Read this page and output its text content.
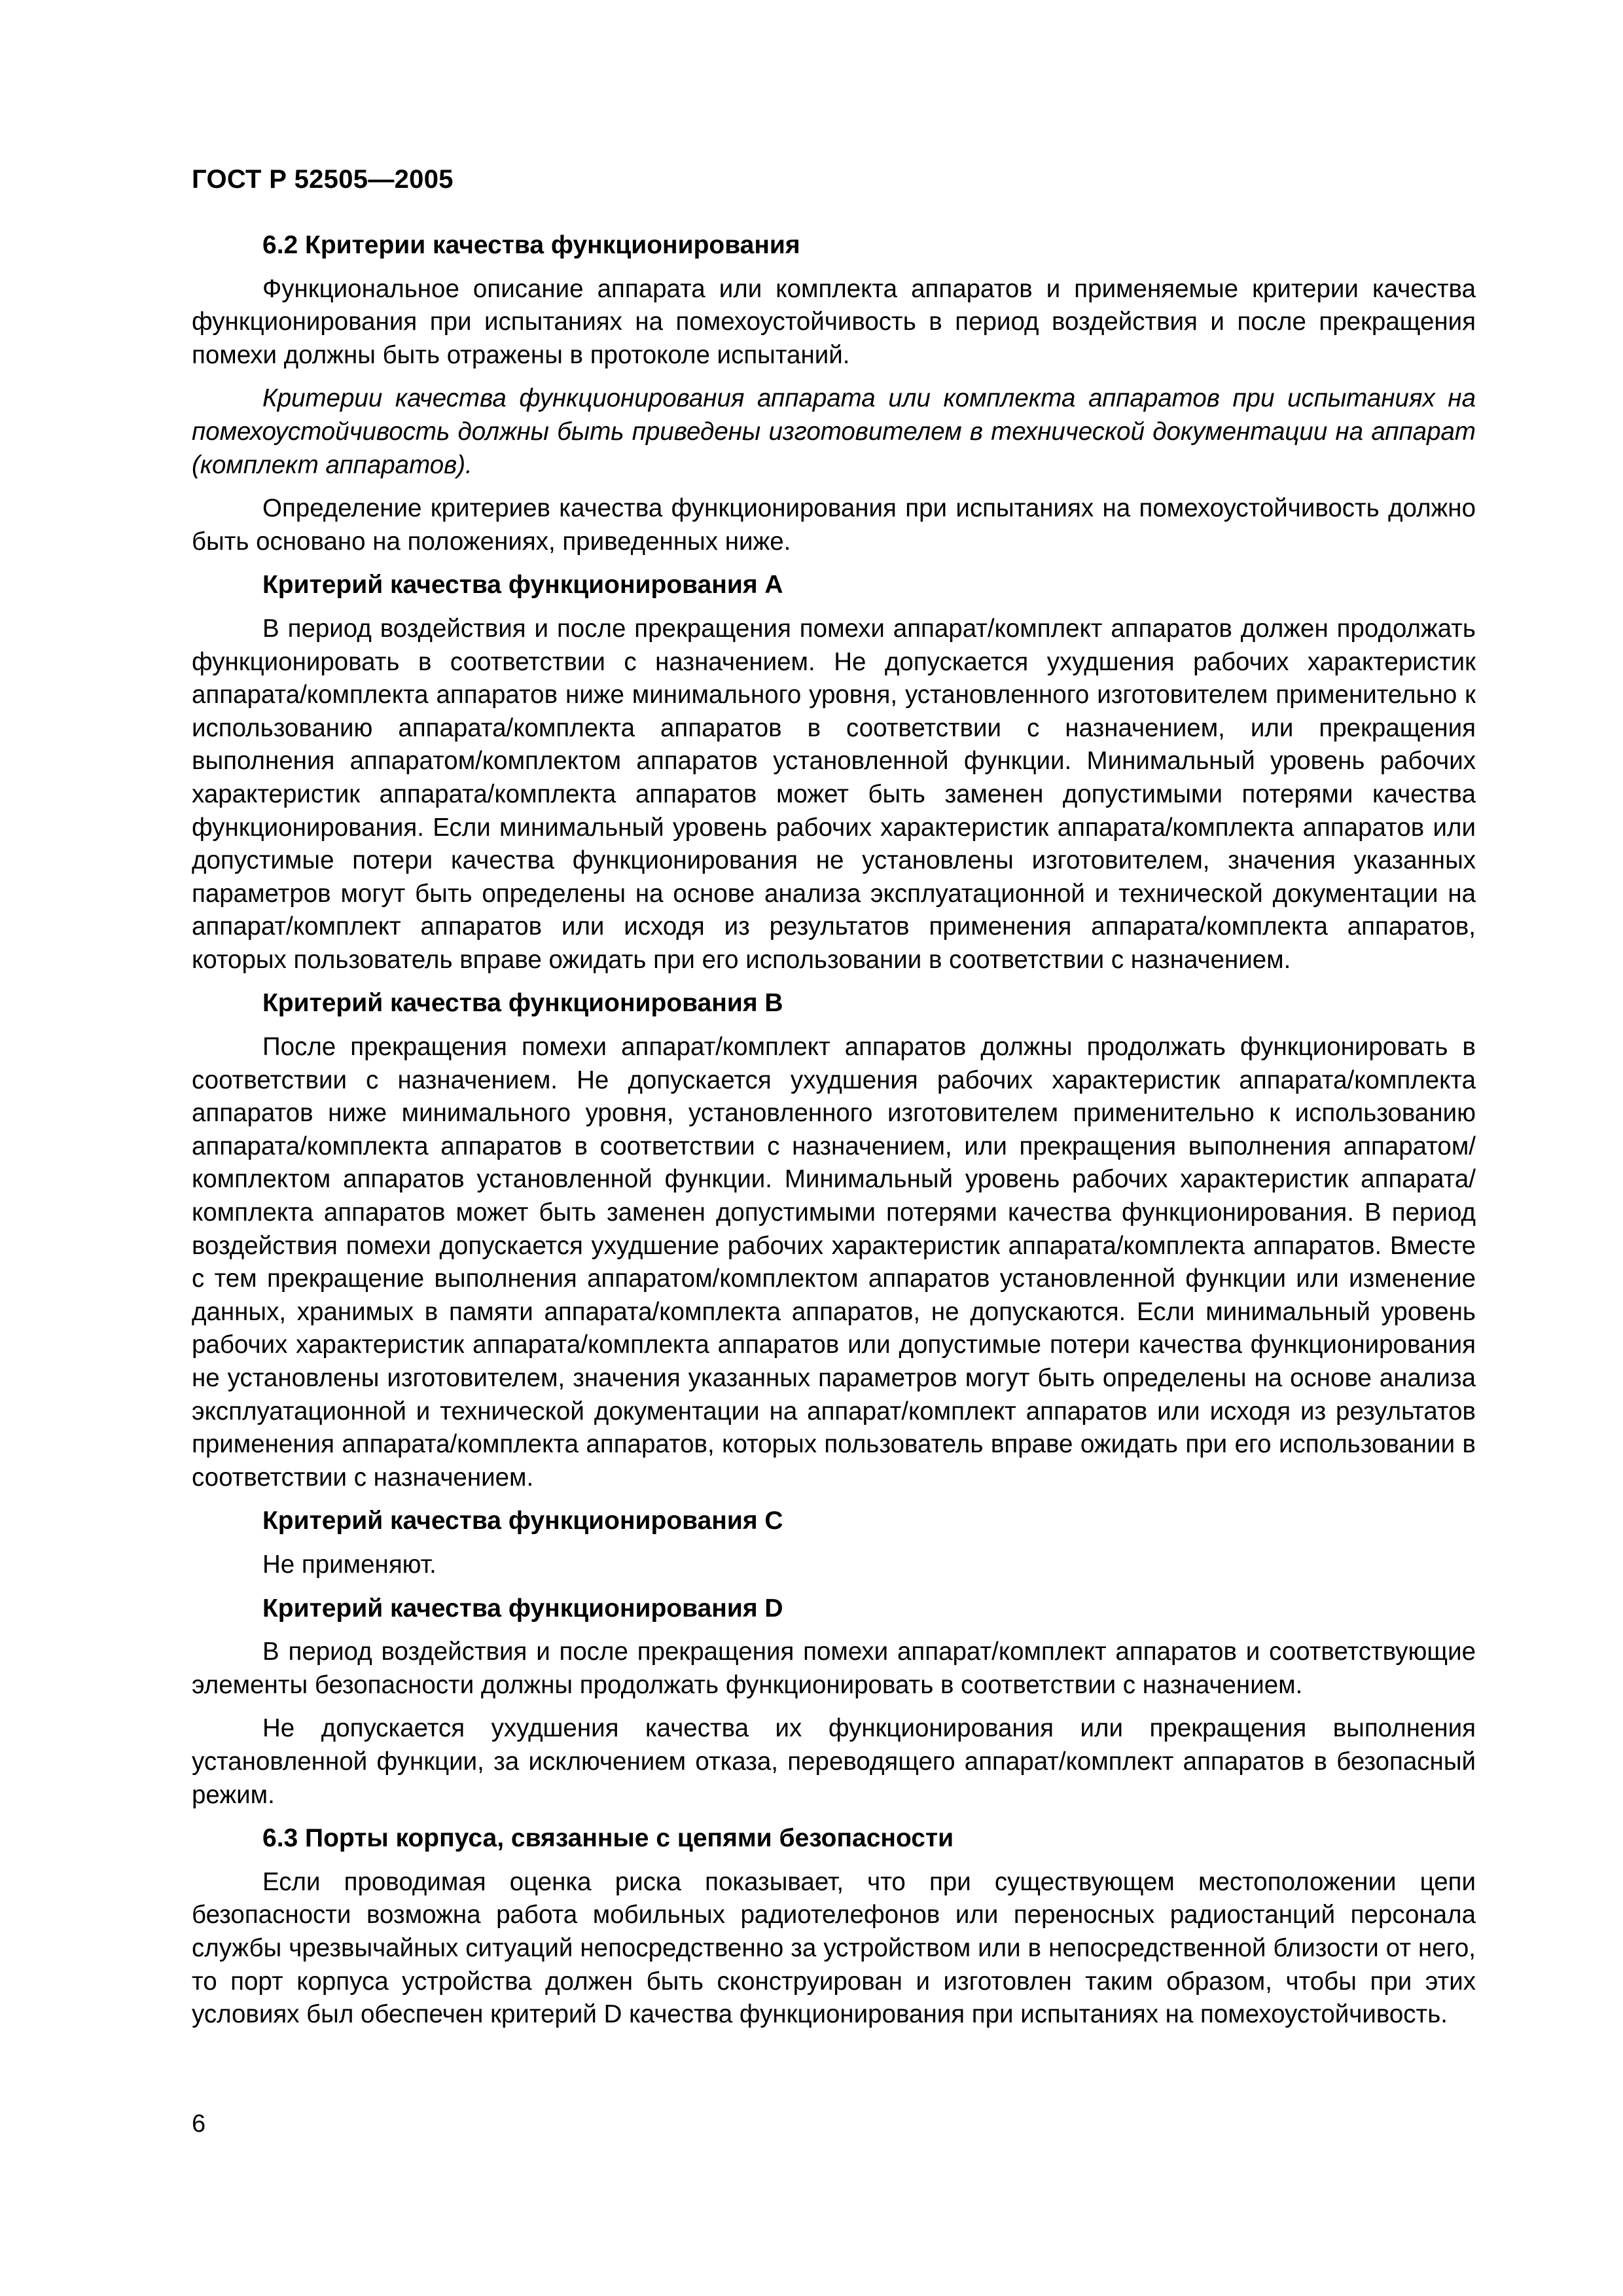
ГОСТ Р 52505—2005
6.2 Критерии качества функционирования

Функциональное описание аппарата или комплекта аппаратов и применяемые критерии качества функционирования при испытаниях на помехоустойчивость в период воздействия и после прекращения помехи должны быть отражены в протоколе испытаний.

Критерии качества функционирования аппарата или комплекта аппаратов при испытаниях на помехоустойчивость должны быть приведены изготовителем в технической документации на аппарат (комплект аппаратов).

Определение критериев качества функционирования при испытаниях на помехоустойчивость должно быть основано на положениях, приведенных ниже.

Критерий качества функционирования А

В период воздействия и после прекращения помехи аппарат/комплект аппаратов должен продолжать функционировать в соответствии с назначением. Не допускается ухудшения рабочих характеристик аппарата/комплекта аппаратов ниже минимального уровня, установленного изготовителем применительно к использованию аппарата/комплекта аппаратов в соответствии с назначением, или прекращения выполнения аппаратом/комплектом аппаратов установленной функции. Минимальный уровень рабочих характеристик аппарата/комплекта аппаратов может быть заменен допустимыми потерями качества функционирования. Если минимальный уровень рабочих характеристик аппарата/комплекта аппаратов или допустимые потери качества функционирования не установлены изготовителем, значения указанных параметров могут быть определены на основе анализа эксплуатационной и технической документации на аппарат/комплект аппаратов или исходя из результатов применения аппарата/комплекта аппаратов, которых пользователь вправе ожидать при его использовании в соответствии с назначением.

Критерий качества функционирования В

После прекращения помехи аппарат/комплект аппаратов должны продолжать функционировать в соответствии с назначением. Не допускается ухудшения рабочих характеристик аппарата/комплекта аппаратов ниже минимального уровня, установленного изготовителем применительно к использованию аппарата/комплекта аппаратов в соответствии с назначением, или прекращения выполнения аппаратом/комплектом аппаратов установленной функции. Минимальный уровень рабочих характеристик аппарата/комплекта аппаратов может быть заменен допустимыми потерями качества функционирования. В период воздействия помехи допускается ухудшение рабочих характеристик аппарата/комплекта аппаратов. Вместе с тем прекращение выполнения аппаратом/комплектом аппаратов установленной функции или изменение данных, хранимых в памяти аппарата/комплекта аппаратов, не допускаются. Если минимальный уровень рабочих характеристик аппарата/комплекта аппаратов или допустимые потери качества функционирования не установлены изготовителем, значения указанных параметров могут быть определены на основе анализа эксплуатационной и технической документации на аппарат/комплект аппаратов или исходя из результатов применения аппарата/комплекта аппаратов, которых пользователь вправе ожидать при его использовании в соответствии с назначением.

Критерий качества функционирования С

Не применяют.

Критерий качества функционирования D

В период воздействия и после прекращения помехи аппарат/комплект аппаратов и соответствующие элементы безопасности должны продолжать функционировать в соответствии с назначением.

Не допускается ухудшения качества их функционирования или прекращения выполнения установленной функции, за исключением отказа, переводящего аппарат/комплект аппаратов в безопасный режим.

6.3 Порты корпуса, связанные с цепями безопасности

Если проводимая оценка риска показывает, что при существующем местоположении цепи безопасности возможна работа мобильных радиотелефонов или переносных радиостанций персонала службы чрезвычайных ситуаций непосредственно за устройством или в непосредственной близости от него, то порт корпуса устройства должен быть сконструирован и изготовлен таким образом, чтобы при этих условиях был обеспечен критерий D качества функционирования при испытаниях на помехоустойчивость.

6
